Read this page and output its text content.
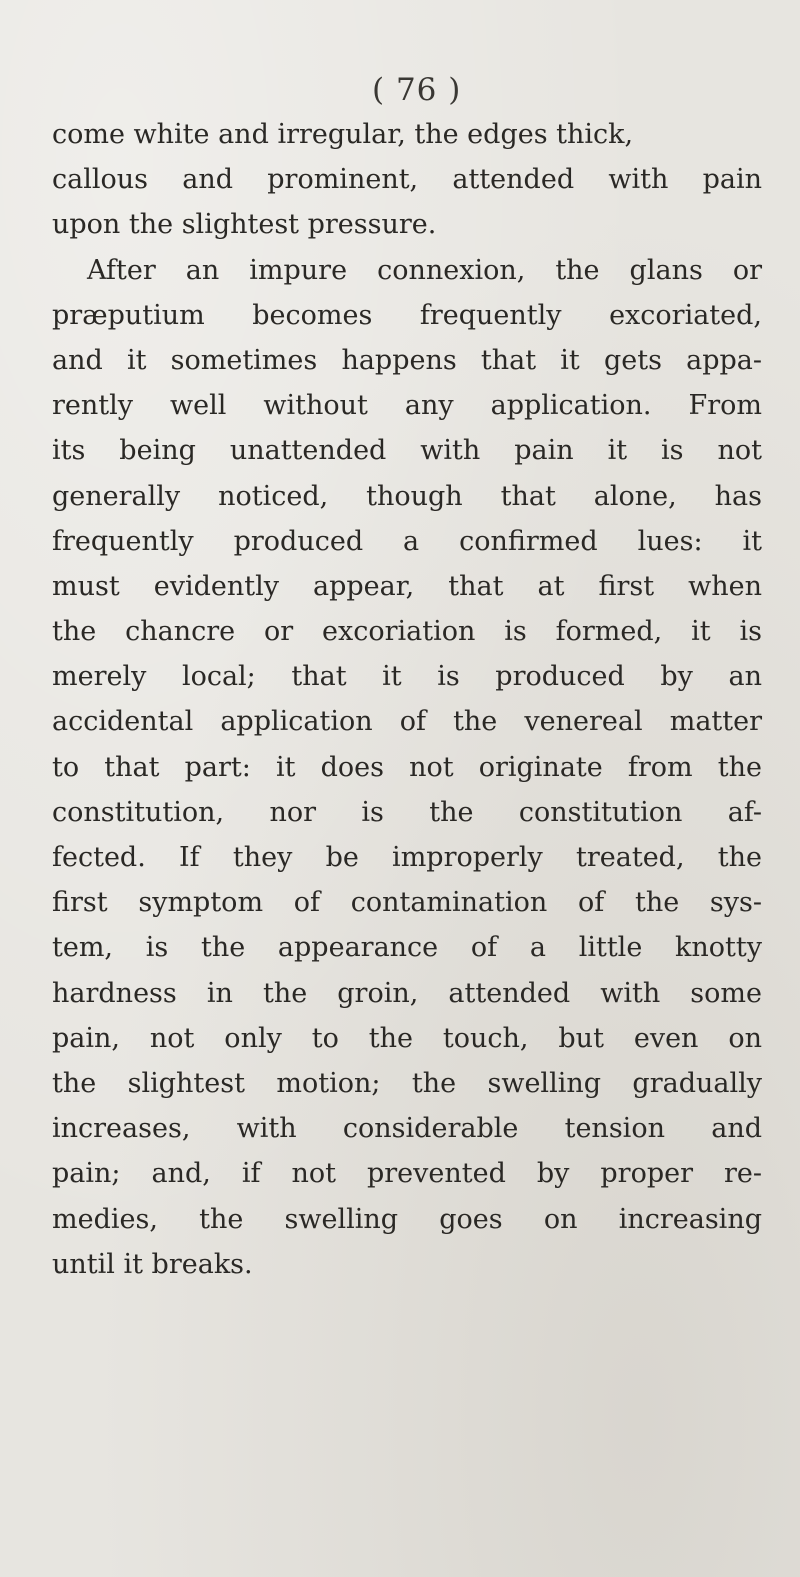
( 76 )
come white and irregular, the edges thick,
callous and prominent, attended with pain
upon the slightest pressure.
After an impure connexion, the glans or
præputium becomes frequently excoriated,
and it sometimes happens that it gets appa-
rently well without any application. From
its being unattended with pain it is not
generally noticed, though that alone, has
frequently produced a confirmed lues: it
must evidently appear, that at first when
the chancre or excoriation is formed, it is
merely local; that it is produced by an
accidental application of the venereal matter
to that part: it does not originate from the
constitution, nor is the constitution af-
fected. If they be improperly treated, the
first symptom of contamination of the sys-
tem, is the appearance of a little knotty
hardness in the groin, attended with some
pain, not only to the touch, but even on
the slightest motion; the swelling gradually
increases, with considerable tension and
pain; and, if not prevented by proper re-
medies, the swelling goes on increasing
until it breaks.
